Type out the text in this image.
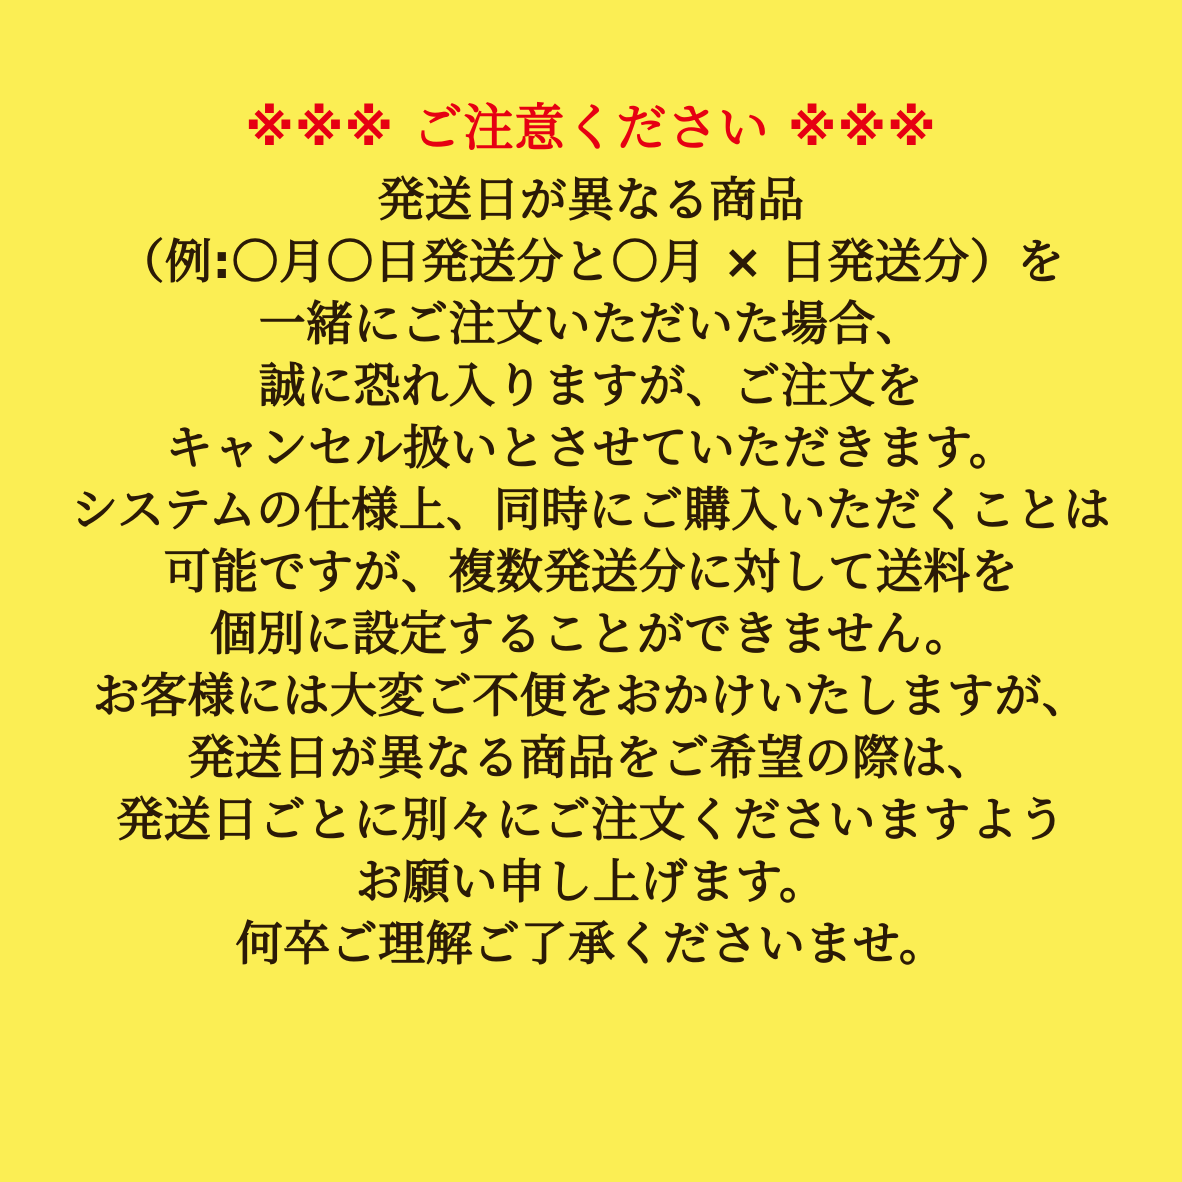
※※※ ご注意ください ※※※
発送日が異なる商品
（例:〇月〇日発送分と〇月 × 日発送分）を
一緒にご注文いただいた場合、
誠に恐れ入りますが、ご注文を
キャンセル扱いとさせていただきます。
システムの仕様上、同時にご購入いただくことは
可能ですが、複数発送分に対して送料を
個別に設定することができません。
お客様には大変ご不便をおかけいたしますが、
発送日が異なる商品をご希望の際は、
発送日ごとに別々にご注文くださいますよう
お願い申し上げます。
何卒ご理解ご了承くださいませ。
